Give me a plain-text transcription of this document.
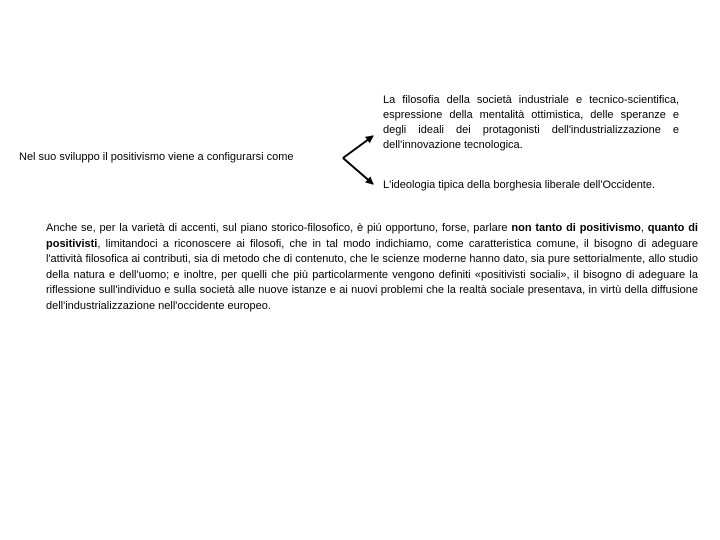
Nel suo sviluppo il positivismo viene a configurarsi come
La filosofia della società industriale e tecnico-scientifica, espressione della mentalità ottimistica, delle speranze e degli ideali dei protagonisti dell'industrializzazione e dell'innovazione tecnologica.
L'ideologia tipica della borghesia liberale dell'Occidente.

Anche se, per la varietà di accenti, sul piano storico-filosofico, è piú opportuno, forse, parlare non tanto di positivismo, quanto di positivisti, limitandoci a riconoscere ai filosofi, che in tal modo indichiamo, come caratteristica comune, il bisogno di adeguare l'attività filosofica ai contributi, sia di metodo che di contenuto, che le scienze moderne hanno dato, sia pure settorialmente, allo studio della natura e dell'uomo; e inoltre, per quelli che più particolarmente vengono definiti «positivisti sociali», il bisogno di adeguare la riflessione sull'individuo e sulla società alle nuove istanze e ai nuovi problemi che la realtà sociale presentava, in virtù della diffusione dell'industrializzazione nell'occidente europeo.
